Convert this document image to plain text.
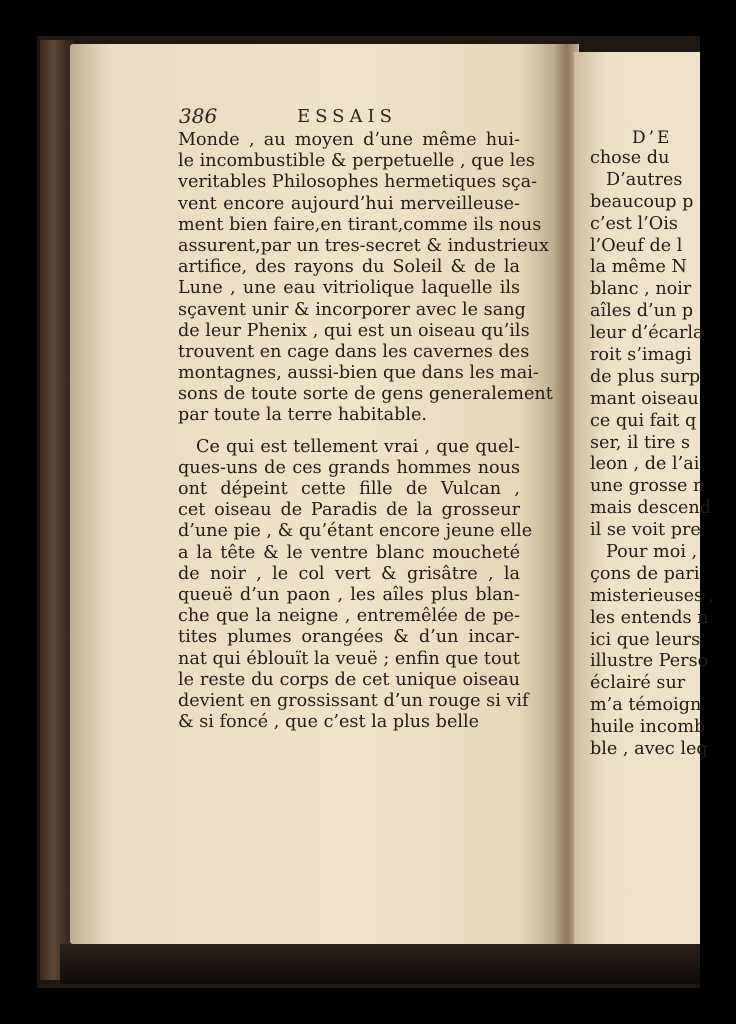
386	ESSAIS
Monde , au moyen d’une même hui-
le incombustible & perpetuelle , que les
veritables Philosophes hermetiques sça-
vent encore aujourd’hui merveilleuse-
ment bien faire,en tirant,comme ils nous
assurent,par un tres-secret & industrieux
artifice, des rayons du Soleil & de la
Lune , une eau vitriolique laquelle ils
sçavent unir & incorporer avec le sang
de leur Phenix , qui est un oiseau qu’ils
trouvent en cage dans les cavernes des
montagnes, aussi-bien que dans les mai-
sons de toute sorte de gens generalement
par toute la terre habitable.
Ce qui est tellement vrai , que quel-
ques-uns de ces grands hommes nous
ont dépeint cette fille de Vulcan ,
cet oiseau de Paradis de la grosseur
d’une pie , & qu’étant encore jeune elle
a la tête & le ventre blanc moucheté
de noir , le col vert & grisâtre , la
queuë d’un paon , les aîles plus blan-
che que la neigne , entremêlée de pe-
tites plumes orangées & d’un incar-
nat qui éblouït la veuë ; enfin que tout
le reste du corps de cet unique oiseau
devient en grossissant d’un rouge si vif
& si foncé , que c’est la plus belle
D’E
chose du
D’autres
beaucoup p
c’est l’Ois
l’Oeuf de l
la même N
blanc , noir
aîles d’un p
leur d’écarla
roit s’imagi
de plus surp
mant oiseau
ce qui fait q
ser, il tire s
leon , de l’ai
une grosse n
mais descend
il se voit pre
Pour moi ,
çons de pari
misterieuses ,
les entends n
ici que leurs
illustre Perso
éclairé sur
m’a témoign
huile incomb
ble , avec leq
